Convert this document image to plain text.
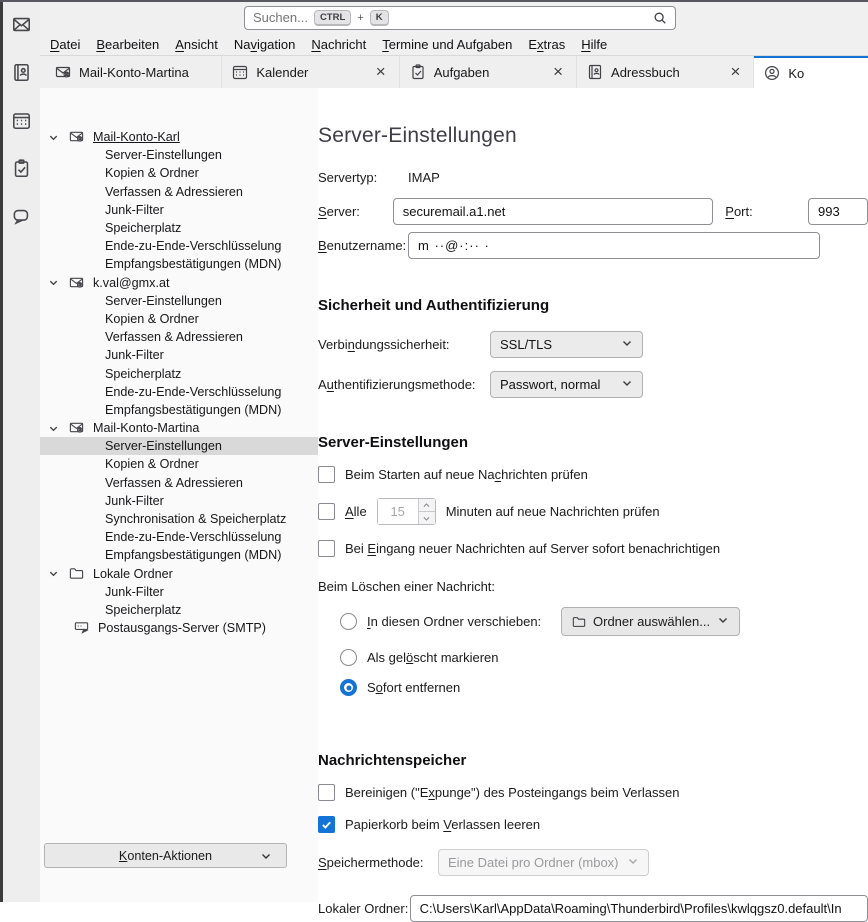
Suchen...	CTRL	+	K
Datei	Bearbeiten	Ansicht	Navigation	Nachricht	Termine und Aufgaben	Extras	Hilfe
Mail-Konto-Martina	Kalender	×	Aufgaben	×	Adressbuch	×	Ko
Mail-Konto-Karl
Server-Einstellungen
Kopien & Ordner
Verfassen & Adressieren
Junk-Filter
Speicherplatz
Ende-zu-Ende-Verschlüsselung
Empfangsbestätigungen (MDN)
k.val@gmx.at
Server-Einstellungen
Kopien & Ordner
Verfassen & Adressieren
Junk-Filter
Speicherplatz
Ende-zu-Ende-Verschlüsselung
Empfangsbestätigungen (MDN)
Mail-Konto-Martina
Server-Einstellungen
Kopien & Ordner
Verfassen & Adressieren
Junk-Filter
Synchronisation & Speicherplatz
Ende-zu-Ende-Verschlüsselung
Empfangsbestätigungen (MDN)
Lokale Ordner
Junk-Filter
Speicherplatz
Postausgangs-Server (SMTP)
Konten-Aktionen
Server-Einstellungen
Servertyp:	IMAP
Server:
securemail.a1.net	Port:
993
Benutzername:
m ··@·:·· ·
Sicherheit und Authentifizierung
Verbindungssicherheit:	SSL/TLS
Authentifizierungsmethode:	Passwort, normal
Server-Einstellungen
Beim Starten auf neue Nachrichten prüfen
Alle	15	Minuten auf neue Nachrichten prüfen
Bei Eingang neuer Nachrichten auf Server sofort benachrichtigen
Beim Löschen einer Nachricht:
In diesen Ordner verschieben:	Ordner auswählen...
Als gelöscht markieren
Sofort entfernen
Nachrichtenspeicher
Bereinigen ("Expunge") des Posteingangs beim Verlassen
Papierkorb beim Verlassen leeren
Speichermethode:	Eine Datei pro Ordner (mbox)
Lokaler Ordner:
C:\Users\Karl\AppData\Roaming\Thunderbird\Profiles\kwlqgsz0.default\In
